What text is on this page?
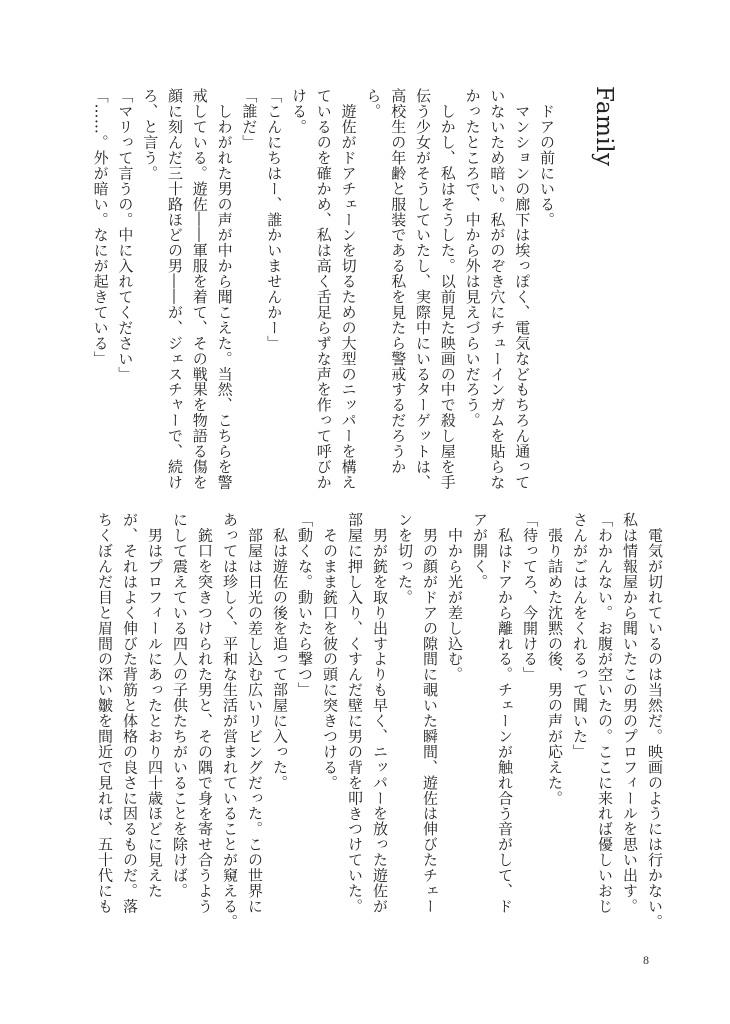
Family
　ドアの前にいる。
　マンションの廊下は埃っぽく、電気などもちろん通って
いないため暗い。私がのぞき穴にチューインガムを貼らな
かったところで、中から外は見えづらいだろう。
　しかし、私はそうした。以前見た映画の中で殺し屋を手
伝う少女がそうしていたし、実際中にいるターゲットは、
高校生の年齢と服装である私を見たら警戒するだろうか
ら。
　遊佐がドアチェーンを切るための大型のニッパーを構え
ているのを確かめ、私は高く舌足らずな声を作って呼びか
ける。
「こんにちはー、誰かいませんかー」
「誰だ」
　しわがれた男の声が中から聞こえた。当然、こちらを警
戒している。遊佐――軍服を着て、その戦果を物語る傷を
顔に刻んだ三十路ほどの男――が、ジェスチャーで、続け
ろ、と言う。
「マリって言うの。中に入れてください」
「……。外が暗い。なにが起きている」
　電気が切れているのは当然だ。映画のようには行かない。
私は情報屋から聞いたこの男のプロフィールを思い出す。
「わかんない。お腹が空いたの。ここに来れば優しいおじ
さんがごはんをくれるって聞いた」
　張り詰めた沈黙の後、男の声が応えた。
「待ってろ、今開ける」
　私はドアから離れる。チェーンが触れ合う音がして、ド
アが開く。
　中から光が差し込む。
　男の顔がドアの隙間に覗いた瞬間、遊佐は伸びたチェー
ンを切った。
　男が銃を取り出すよりも早く、ニッパーを放った遊佐が
部屋に押し入り、くすんだ壁に男の背を叩きつけていた。
　そのまま銃口を彼の頭に突きつける。
「動くな。動いたら撃つ」
　私は遊佐の後を追って部屋に入った。
　部屋は日光の差し込む広いリビングだった。この世界に
あっては珍しく、平和な生活が営まれていることが窺える。
　銃口を突きつけられた男と、その隅で身を寄せ合うよう
にして震えている四人の子供たちがいることを除けば。
　男はプロフィールにあったとおり四十歳ほどに見えた
が、それはよく伸びた背筋と体格の良さに因るものだ。落
ちくぼんだ目と眉間の深い皺を間近で見れば、五十代にも
8
